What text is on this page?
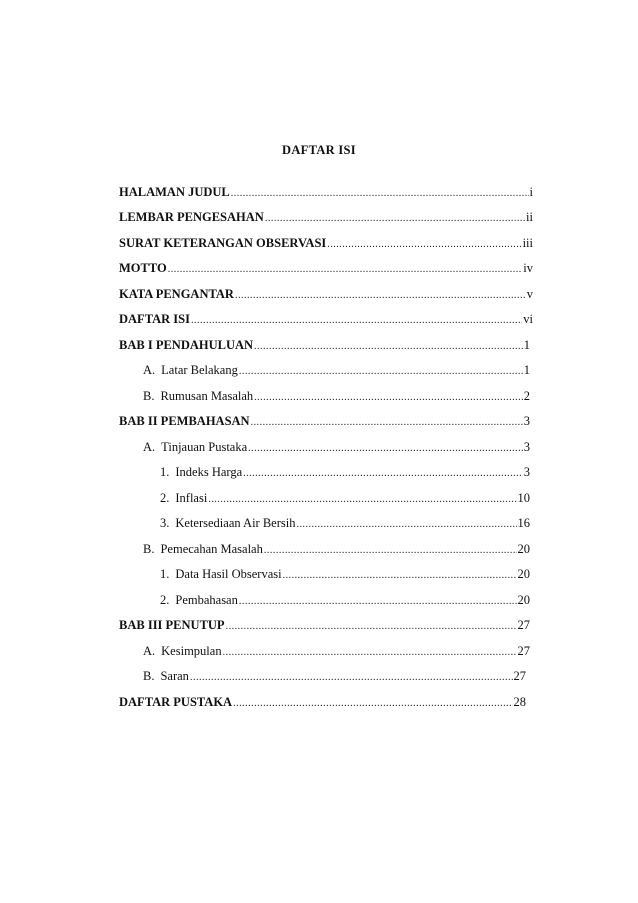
DAFTAR ISI
HALAMAN JUDUL .....	i
LEMBAR PENGESAHAN .....	ii
SURAT KETERANGAN OBSERVASI .....	iii
MOTTO .....	iv
KATA PENGANTAR .....	v
DAFTAR ISI .....	vi
BAB I PENDAHULUAN .....	1
A. Latar Belakang .....	1
B. Rumusan Masalah .....	2
BAB II PEMBAHASAN .....	3
A. Tinjauan Pustaka .....	3
1. Indeks Harga .....	3
2. Inflasi .....	10
3. Ketersediaan Air Bersih .....	16
B. Pemecahan Masalah .....	20
1. Data Hasil Observasi .....	20
2. Pembahasan .....	20
BAB III PENUTUP .....	27
A. Kesimpulan .....	27
B. Saran .....	27
DAFTAR PUSTAKA .....	28
